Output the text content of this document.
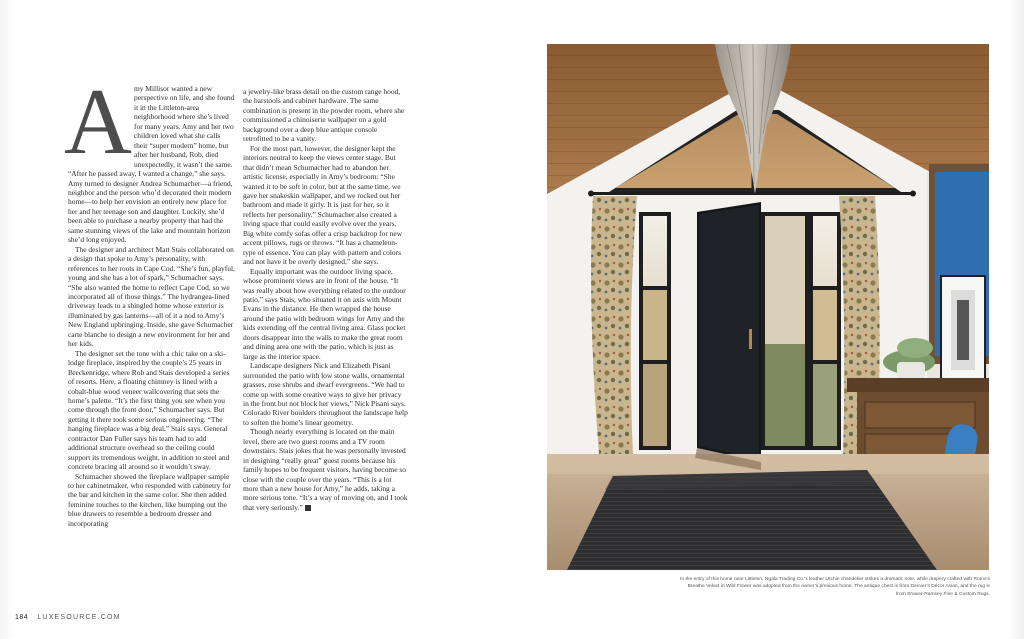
A my Millisor wanted a new perspective on life, and she found it in the Littleton-area neighborhood where she’s lived for many years. Amy and her two children loved what she calls their “super modern” home, but after her husband, Rob, died unexpectedly, it wasn’t the same. “After he passed away, I wanted a change,” she says. Amy turned to designer Andrea Schumacher—a friend, neighbor and the person who’d decorated their modern home—to help her envision an entirely new place for her and her teenage son and daughter. Luckily, she’d been able to purchase a nearby property that had the same stunning views of the lake and mountain horizon she’d long enjoyed.

The designer and architect Matt Stais collaborated on a design that spoke to Amy’s personality, with references to her roots in Cape Cod. “She’s fun, playful, young and she has a lot of spark,” Schumacher says. “She also wanted the home to reflect Cape Cod, so we incorporated all of those things.” The hydrangea-lined driveway leads to a shingled home whose exterior is illuminated by gas lanterns—all of it a nod to Amy’s New England upbringing. Inside, she gave Schumacher carte blanche to design a new environment for her and her kids.

The designer set the tone with a chic take on a ski-lodge fireplace, inspired by the couple’s 25 years in Breckenridge, where Rob and Stais developed a series of resorts. Here, a floating chimney is lined with a cobalt-blue wood veneer wallcovering that sets the home’s palette. “It’s the first thing you see when you come through the front door,” Schumacher says. But getting it there took some serious engineering. “The hanging fireplace was a big deal,” Stais says. General contractor Dan Fuller says his team had to add additional structure overhead so the ceiling could support its tremendous weight, in addition to steel and concrete bracing all around so it wouldn’t sway.

Schumacher showed the fireplace wallpaper sample to her cabinetmaker, who responded with cabinetry for the bar and kitchen in the same color. She then added feminine touches to the kitchen, like bumping out the blue drawers to resemble a bedroom dresser and incorporating

a jewelry-like brass detail on the custom range hood, the barstools and cabinet hardware. The same combination is present in the powder room, where she commissioned a chinoiserie wallpaper on a gold background over a deep blue antique console retrofitted to be a vanity.

For the most part, however, the designer kept the interiors neutral to keep the views center stage. But that didn’t mean Schumacher had to abandon her artistic license, especially in Amy’s bedroom: “She wanted it to be soft in color, but at the same time, we gave her snakeskin wallpaper, and we rocked out her bathroom and made it girly. It is just for her, so it reflects her personality.” Schumacher also created a living space that could easily evolve over the years. Big white comfy sofas offer a crisp backdrop for new accent pillows, rugs or throws. “It has a chameleon-type of essence. You can play with pattern and colors and not have it be overly designed,” she says.

Equally important was the outdoor living space, whose prominent views are in front of the house. “It was really about how everything related to the outdoor patio,” says Stais, who situated it on axis with Mount Evans in the distance. He then wrapped the house around the patio with bedroom wings for Amy and the kids extending off the central living area. Glass pocket doors disappear into the walls to make the great room and dining area one with the patio, which is just as large as the interior space.

Landscape designers Nick and Elizabeth Pisani surrounded the patio with low stone walls, ornamental grasses, rose shrubs and dwarf evergreens. “We had to come up with some creative ways to give her privacy in the front but not block her views,” Nick Pisani says. Colorado River boulders throughout the landscape help to soften the home’s linear geometry.

Though nearly everything is located on the main level, there are two guest rooms and a TV room downstairs. Stais jokes that he was personally invested in designing “really great” guest rooms because his family hopes to be frequent visitors, having become so close with the couple over the years. “This is a lot more than a new house for Amy,” he adds, taking a more serious tone. “It’s a way of moving on, and I took that very seriously.”

In the entry of this home near Littleton, Ngala Trading Co.’s leather Urchin chandelier strikes a dramatic note, while drapery crafted with Romo’s Breathe Velvet in Wild Flower was adopted from the owner’s previous home. The antique chest is from Denver’s Décor Asian, and the rug is from Shaver-Ramsey Fine & Custom Rugs.
184 LUXESOURCE.COM
